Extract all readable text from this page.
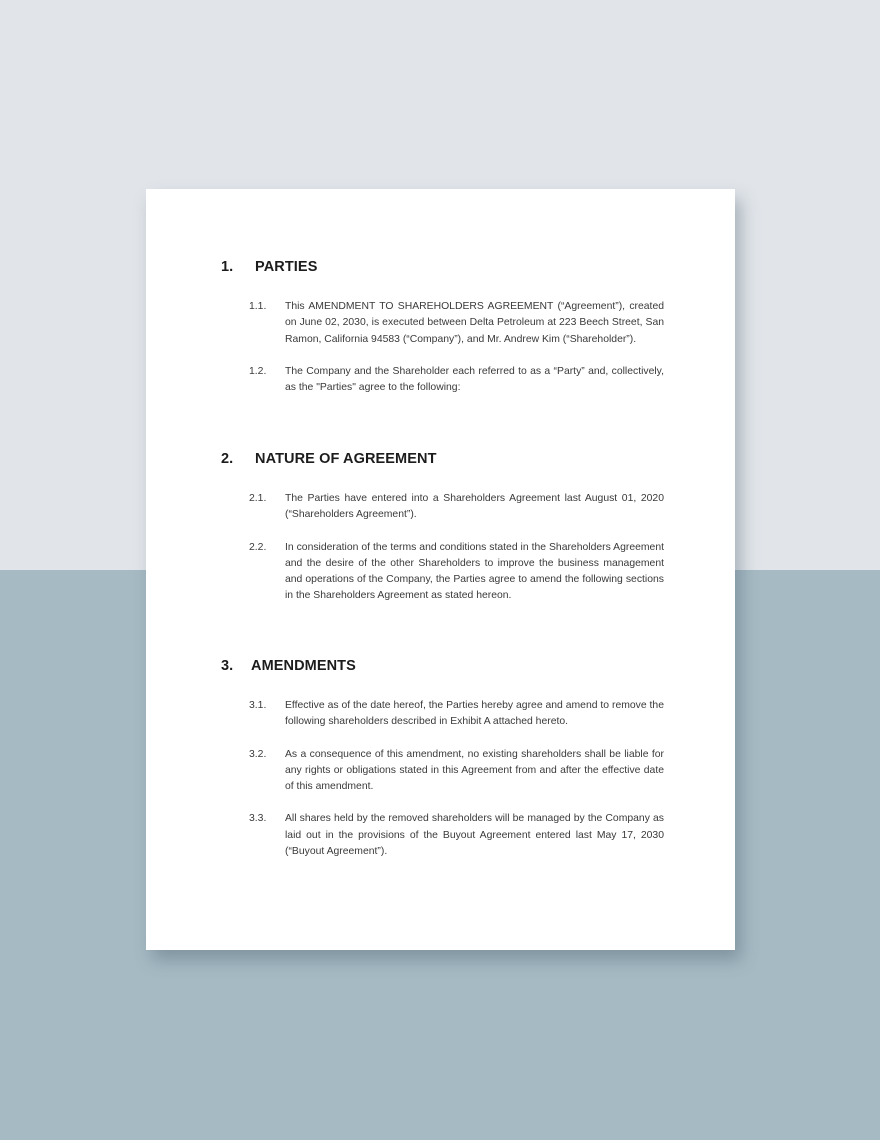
1.	PARTIES
1.1.	This AMENDMENT TO SHAREHOLDERS AGREEMENT (“Agreement”), created on June 02, 2030, is executed between Delta Petroleum at 223 Beech Street, San Ramon, California 94583 (“Company”), and Mr. Andrew Kim (“Shareholder”).
1.2.	The Company and the Shareholder each referred to as a “Party” and, collectively, as the "Parties" agree to the following:
2.	NATURE OF AGREEMENT
2.1.	The Parties have entered into a Shareholders Agreement last August 01, 2020 (“Shareholders Agreement”).
2.2.	In consideration of the terms and conditions stated in the Shareholders Agreement and the desire of the other Shareholders to improve the business management and operations of the Company, the Parties agree to amend the following sections in the Shareholders Agreement as stated hereon.
3.	AMENDMENTS
3.1.	Effective as of the date hereof, the Parties hereby agree and amend to remove the following shareholders described in Exhibit A attached hereto.
3.2.	As a consequence of this amendment, no existing shareholders shall be liable for any rights or obligations stated in this Agreement from and after the effective date of this amendment.
3.3.	All shares held by the removed shareholders will be managed by the Company as laid out in the provisions of the Buyout Agreement entered last May 17, 2030 (“Buyout Agreement”).
